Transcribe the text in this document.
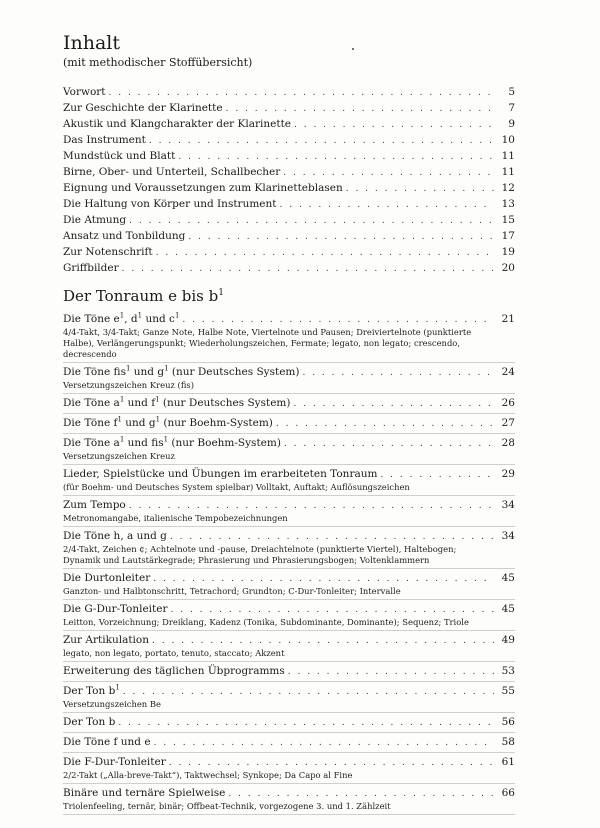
Inhalt
(mit methodischer Stoffübersicht)
Vorwort . . .	5
Zur Geschichte der Klarinette . . .	7
Akustik und Klangcharakter der Klarinette . . .	9
Das Instrument . . .	10
Mundstück und Blatt . . .	11
Birne, Ober- und Unterteil, Schallbecher . . .	11
Eignung und Voraussetzungen zum Klarinetteblasen . . .	12
Die Haltung von Körper und Instrument . . .	13
Die Atmung . . .	15
Ansatz und Tonbildung . . .	17
Zur Notenschrift . . .	19
Griffbilder . . .	20
Der Tonraum e bis $b^1$
Die Töne $e^1$, $d^1$ und $c^1$ . . .	21
4/4-Takt, 3/4-Takt; Ganze Note, Halbe Note, Viertelnote und Pausen; Dreiviertelnote (punktierte Halbe), Verlängerungspunkt; Wiederholungszeichen, Fermate; legato, non legato; crescendo, decrescendo
Die Töne fis$^1$ und $g^1$ (nur Deutsches System) . . .	24
Versetzungszeichen Kreuz (fis)
Die Töne $a^1$ und $f^1$ (nur Deutsches System) . . .	26
Die Töne $f^1$ und $g^1$ (nur Boehm-System) . . .	27
Die Töne $a^1$ und fis$^1$ (nur Boehm-System) . . .	28
Versetzungszeichen Kreuz
Lieder, Spielstücke und Übungen im erarbeiteten Tonraum . . .	29
(für Boehm- und Deutsches System spielbar) Volltakt, Auftakt; Auflösungszeichen
Zum Tempo . . .	34
Metronomangabe, italienische Tempobezeichnungen
Die Töne h, a und g . . .	34
2/4-Takt, Zeichen ¢; Achtelnote und -pause, Dreiachtelnote (punktierte Viertel), Haltebogen; Dynamik und Lautstärkegrade; Phrasierung und Phrasierungsbogen; Voltenklammern
Die Durtonleiter . . .	45
Ganzton- und Halbtonschritt, Tetrachord; Grundton; C-Dur-Tonleiter; Intervalle
Die G-Dur-Tonleiter . . .	45
Leitton, Vorzeichnung; Dreiklang, Kadenz (Tonika, Subdominante, Dominante); Sequenz; Triole
Zur Artikulation . . .	49
legato, non legato, portato, tenuto, staccato; Akzent
Erweiterung des täglichen Übprogramms . . .	53
Der Ton $b^1$ . . .	55
Versetzungszeichen Be
Der Ton b . . .	56
Die Töne f und e . . .	58
Die F-Dur-Tonleiter . . .	61
2/2-Takt („Alla-breve-Takt“), Taktwechsel; Synkope; Da Capo al Fine
Binäre und ternäre Spielweise . . .	66
Triolenfeeling, ternär, binär; Offbeat-Technik, vorgezogene 3. und 1. Zählzeit
